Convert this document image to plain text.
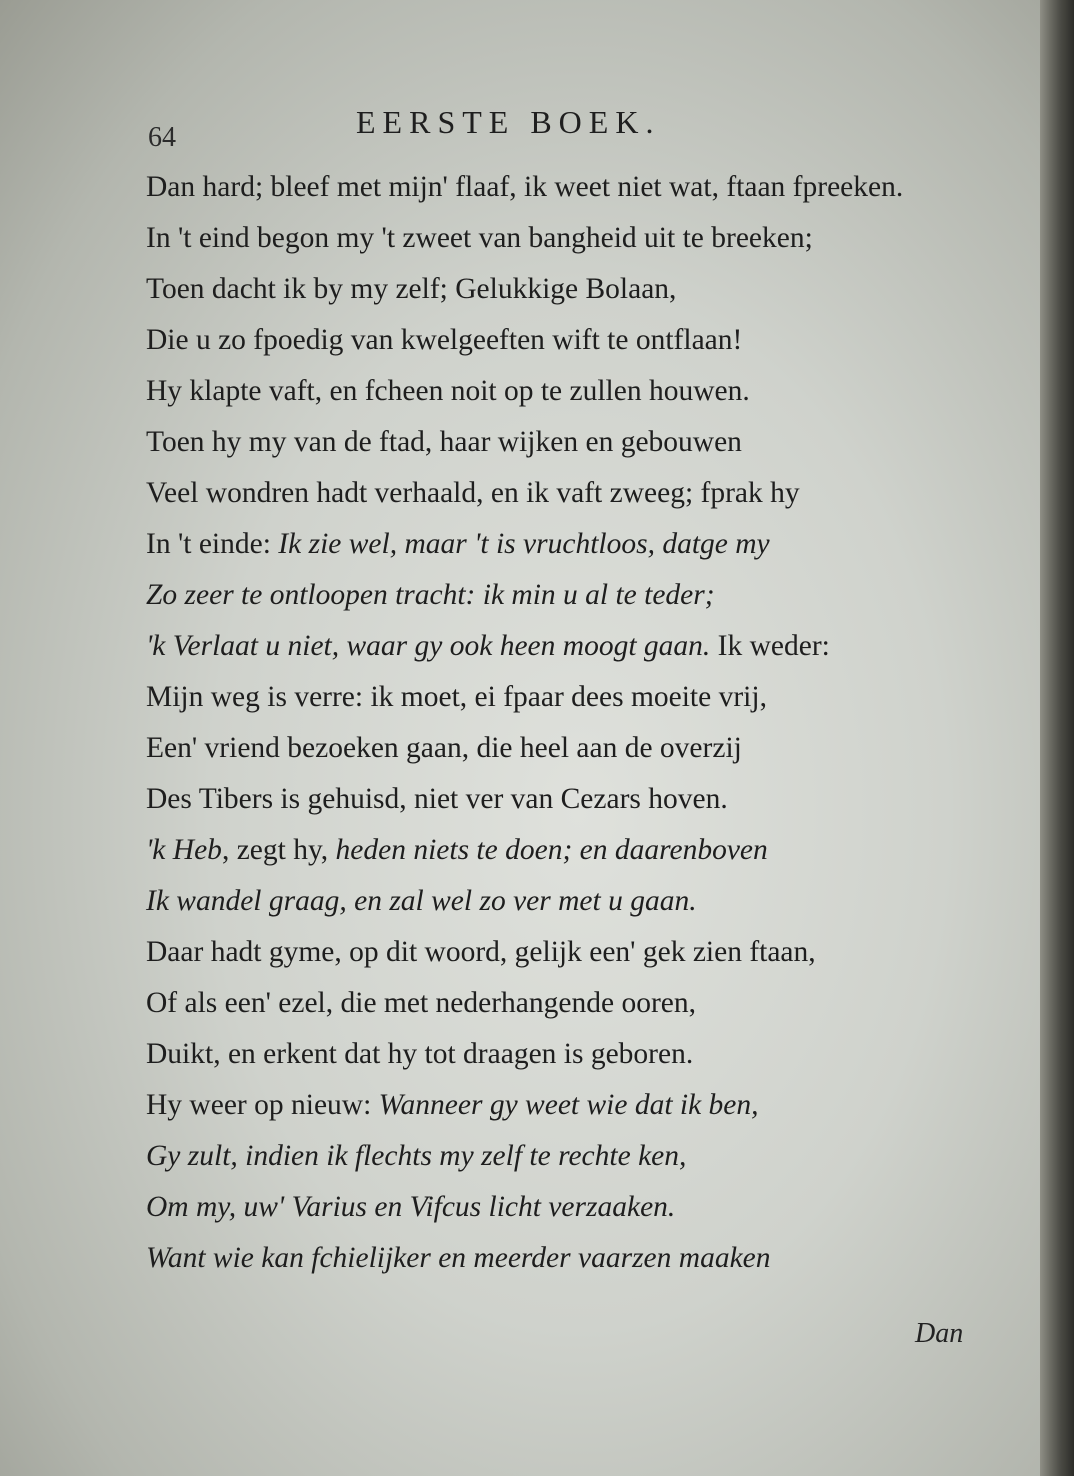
64	EERSTE BOEK.
Dan hard; bleef met mijn' flaaf, ik weet niet wat, ftaan fpreeken.
In 't eind begon my 't zweet van bangheid uit te breeken;
Toen dacht ik by my zelf; Gelukkige Bolaan,
Die u zo fpoedig van kwelgeeften wift te ontflaan!
Hy klapte vaft, en fcheen noit op te zullen houwen.
Toen hy my van de ftad, haar wijken en gebouwen
Veel wondren hadt verhaald, en ik vaft zweeg; fprak hy
In 't einde: Ik zie wel, maar 't is vruchtloos, datge my
Zo zeer te ontloopen tracht: ik min u al te teder;
'k Verlaat u niet, waar gy ook heen moogt gaan. Ik weder:
Mijn weg is verre: ik moet, ei fpaar dees moeite vrij,
Een' vriend bezoeken gaan, die heel aan de overzij
Des Tibers is gehuisd, niet ver van Cezars hoven.
'k Heb, zegt hy, heden niets te doen; en daarenboven
Ik wandel graag, en zal wel zo ver met u gaan.
Daar hadt gyme, op dit woord, gelijk een' gek zien ftaan,
Of als een' ezel, die met nederhangende ooren,
Duikt, en erkent dat hy tot draagen is geboren.
Hy weer op nieuw: Wanneer gy weet wie dat ik ben,
Gy zult, indien ik flechts my zelf te rechte ken,
Om my, uw' Varius en Vifcus licht verzaaken.
Want wie kan fchielijker en meerder vaarzen maaken
Dan
